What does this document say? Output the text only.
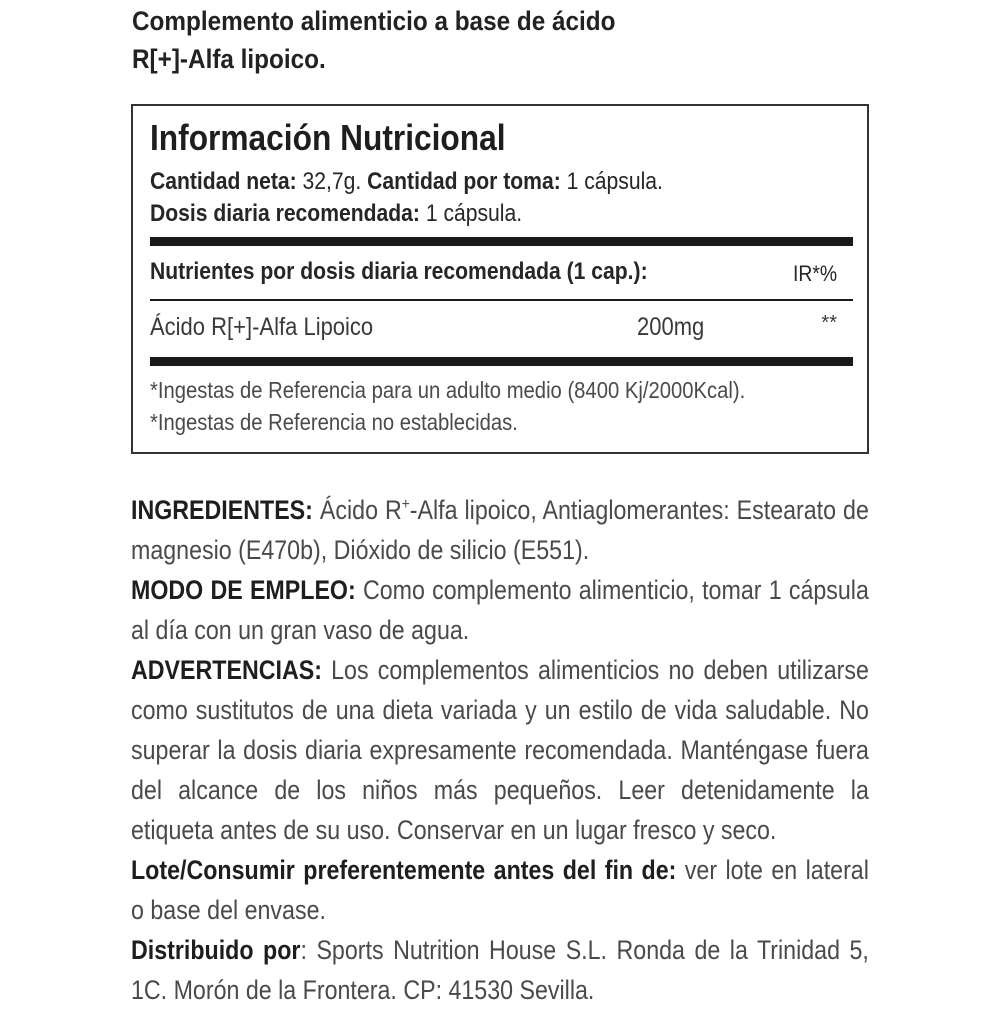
Complemento alimenticio a base de ácido
R[+]-Alfa lipoico.
Información Nutricional
Cantidad neta: 32,7g. Cantidad por toma: 1 cápsula.
Dosis diaria recomendada: 1 cápsula.
Nutrientes por dosis diaria recomendada (1 cap.):	IR*%
Ácido R[+]-Alfa Lipoico	200mg	**
*Ingestas de Referencia para un adulto medio (8400 Kj/2000Kcal).
*Ingestas de Referencia no establecidas.
INGREDIENTES: Ácido R+-Alfa lipoico, Antiaglomerantes: Estearato de magnesio (E470b), Dióxido de silicio (E551).
MODO DE EMPLEO: Como complemento alimenticio, tomar 1 cápsula al día con un gran vaso de agua.
ADVERTENCIAS: Los complementos alimenticios no deben utilizarse como sustitutos de una dieta variada y un estilo de vida saludable. No superar la dosis diaria expresamente recomendada. Manténgase fuera del alcance de los niños más pequeños. Leer detenidamente la etiqueta antes de su uso. Conservar en un lugar fresco y seco.
Lote/Consumir preferentemente antes del fin de: ver lote en lateral o base del envase.
Distribuido por: Sports Nutrition House S.L. Ronda de la Trinidad 5, 1C. Morón de la Frontera. CP: 41530 Sevilla.
